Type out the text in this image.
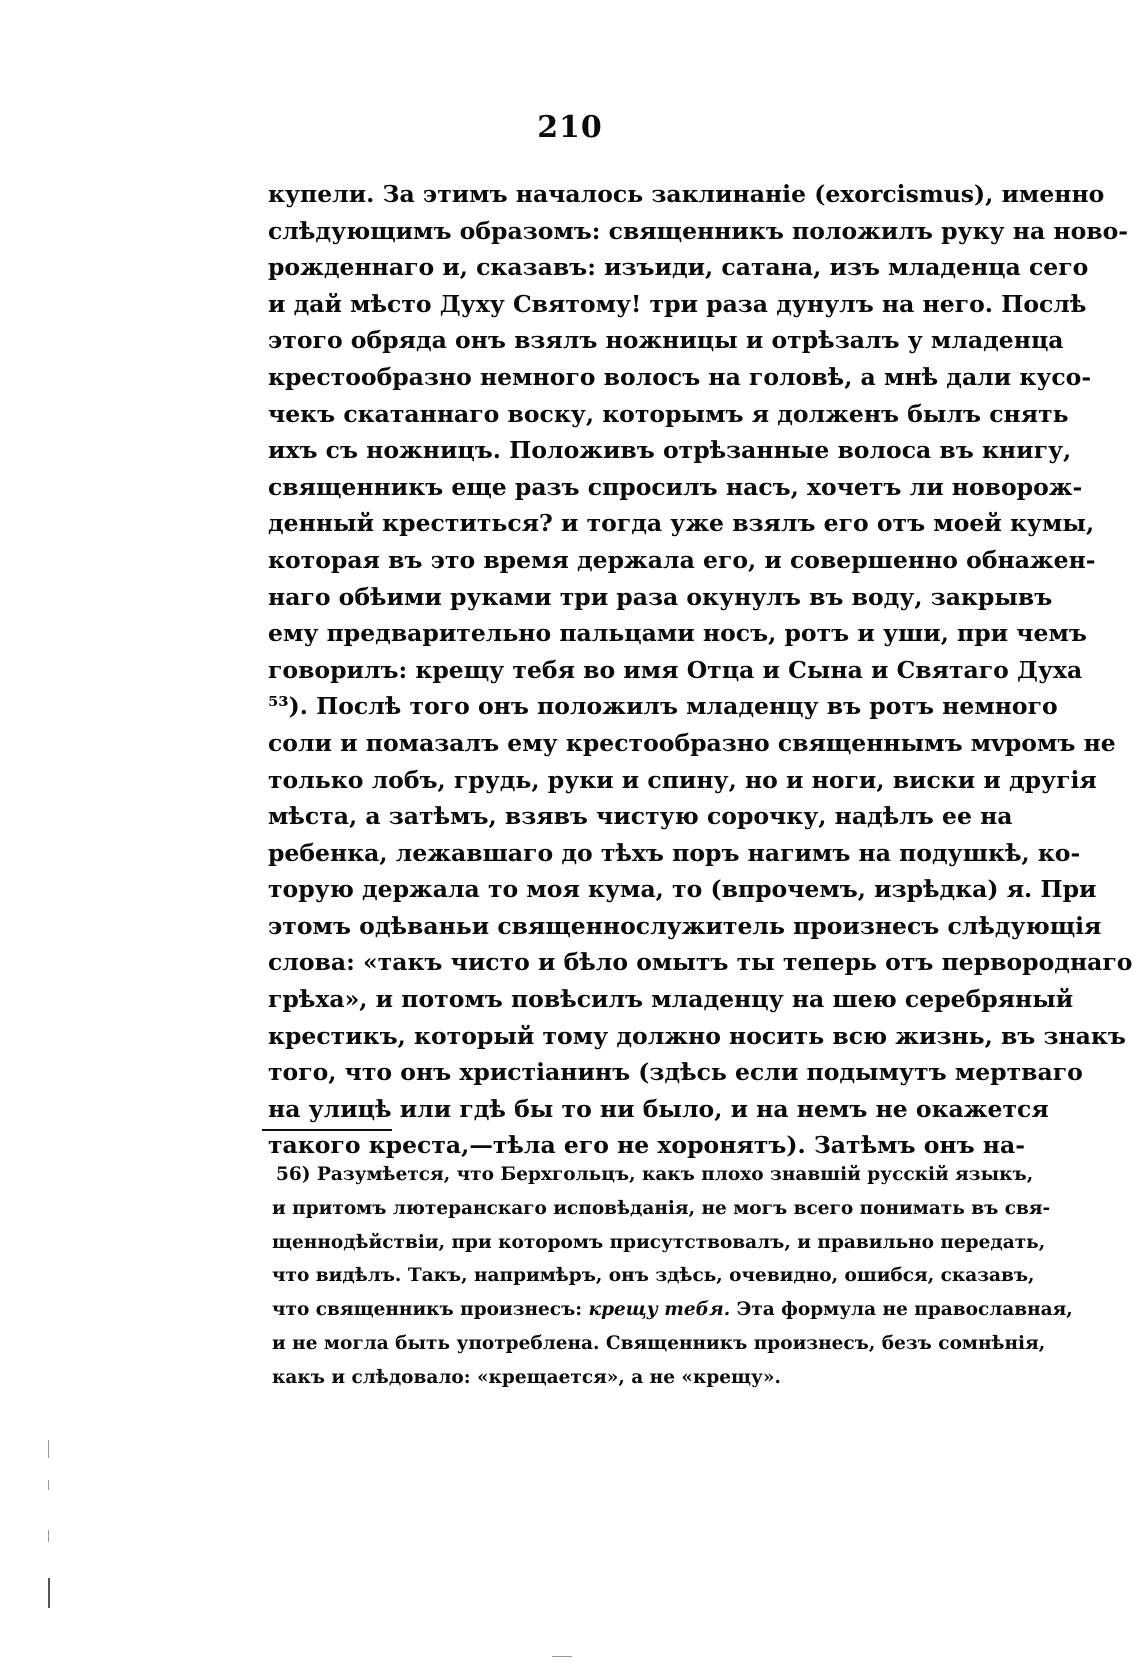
210
купели. За этимъ началось заклинаніе (exorcismus), именно
слѣдующимъ образомъ: священникъ положилъ руку на ново-
рожденнаго и, сказавъ: изъиди, сатана, изъ младенца сего
и дай мѣсто Духу Святому! три раза дунулъ на него. Послѣ
этого обряда онъ взялъ ножницы и отрѣзалъ у младенца
крестообразно немного волосъ на головѣ, а мнѣ дали кусо-
чекъ скатаннаго воску, которымъ я долженъ былъ снять
ихъ съ ножницъ. Положивъ отрѣзанные волоса въ книгу,
священникъ еще разъ спросилъ насъ, хочетъ ли новорож-
денный креститься? и тогда уже взялъ его отъ моей кумы,
которая въ это время держала его, и совершенно обнажен-
наго обѣими руками три раза окунулъ въ воду, закрывъ
ему предварительно пальцами носъ, ротъ и уши, при чемъ
говорилъ: крещу тебя во имя Отца и Сына и Святаго Духа
⁵³). Послѣ того онъ положилъ младенцу въ ротъ немного
соли и помазалъ ему крестообразно священнымъ мvромъ не
только лобъ, грудь, руки и спину, но и ноги, виски и другія
мѣста, а затѣмъ, взявъ чистую сорочку, надѣлъ ее на
ребенка, лежавшаго до тѣхъ поръ нагимъ на подушкѣ, ко-
торую держала то моя кума, то (впрочемъ, изрѣдка) я. При
этомъ одѣваньи священнослужитель произнесъ слѣдующія
слова: «такъ чисто и бѣло омытъ ты теперь отъ первороднаго
грѣха», и потомъ повѣсилъ младенцу на шею серебряный
крестикъ, который тому должно носить всю жизнь, въ знакъ
того, что онъ христіанинъ (здѣсь если подымутъ мертваго
на улицѣ или гдѣ бы то ни было, и на немъ не окажется
такого креста,—тѣла его не хоронятъ). Затѣмъ онъ на-
56) Разумѣется, что Берхгольцъ, какъ плохо знавшій русскій языкъ,
и притомъ лютеранскаго исповѣданія, не могъ всего понимать въ свя-
щеннодѣйствіи, при которомъ присутствовалъ, и правильно передать,
что видѣлъ. Такъ, напримѣръ, онъ здѣсь, очевидно, ошибся, сказавъ,
что священникъ произнесъ: крещу тебя. Эта формула не православная,
и не могла быть употреблена. Священникъ произнесъ, безъ сомнѣнія,
какъ и слѣдовало: «крещается», а не «крещу».
